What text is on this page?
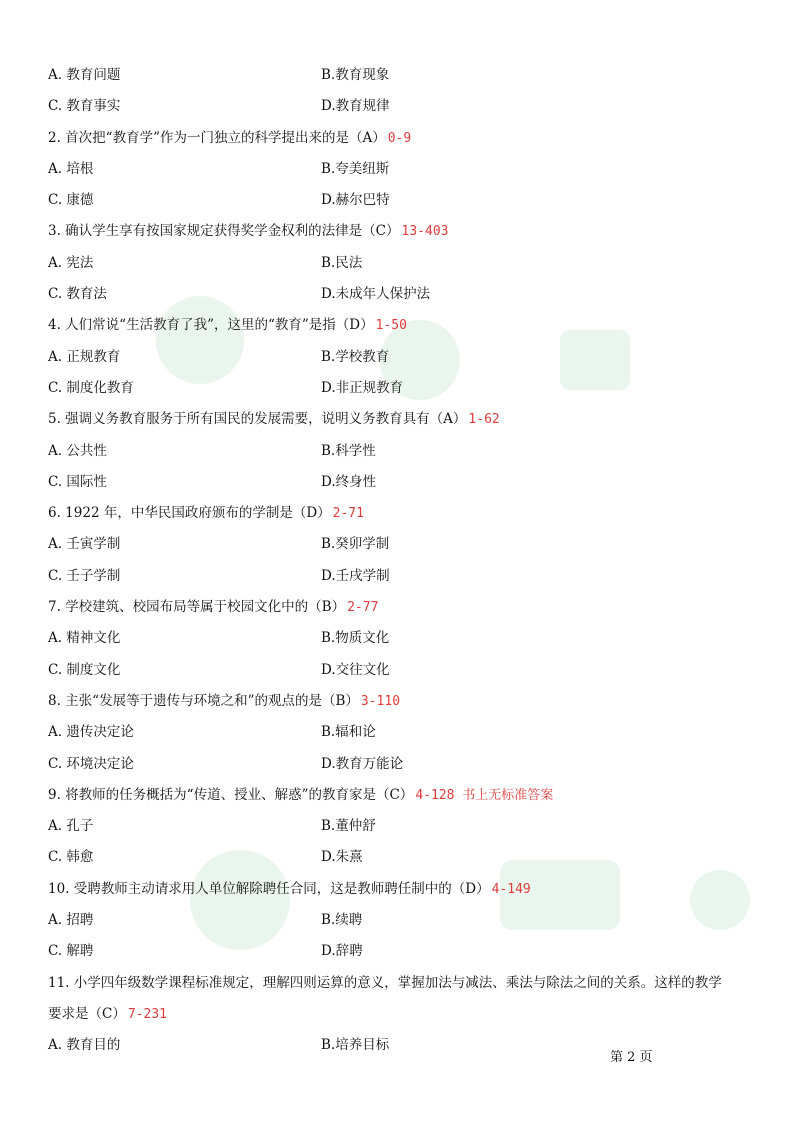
A. 教育问题	B.教育现象
C. 教育事实	D.教育规律
2. 首次把“教育学”作为一门独立的科学提出来的是（A） 0-9
A. 培根	B.夸美纽斯
C. 康德	D.赫尔巴特
3. 确认学生享有按国家规定获得奖学金权利的法律是（C） 13-403
A. 宪法	B.民法
C. 教育法	D.未成年人保护法
4. 人们常说“生活教育了我”，这里的“教育”是指（D） 1-50
A. 正规教育	B.学校教育
C. 制度化教育	D.非正规教育
5. 强调义务教育服务于所有国民的发展需要，说明义务教育具有（A） 1-62
A. 公共性	B.科学性
C. 国际性	D.终身性
6. 1922 年，中华民国政府颁布的学制是（D） 2-71
A. 壬寅学制	B.癸卯学制
C. 壬子学制	D.壬戌学制
7. 学校建筑、校园布局等属于校园文化中的（B） 2-77
A. 精神文化	B.物质文化
C. 制度文化	D.交往文化
8. 主张“发展等于遗传与环境之和”的观点的是（B） 3-110
A. 遗传决定论	B.辐和论
C. 环境决定论	D.教育万能论
9. 将教师的任务概括为“传道、授业、解惑”的教育家是（C） 4-128 书上无标准答案
A. 孔子	B.董仲舒
C. 韩愈	D.朱熹
10. 受聘教师主动请求用人单位解除聘任合同，这是教师聘任制中的（D） 4-149
A. 招聘	B.续聘
C. 解聘	D.辞聘
11. 小学四年级数学课程标准规定，理解四则运算的意义，掌握加法与减法、乘法与除法之间的关系。这样的教学
要求是（C） 7-231
A. 教育目的	B.培养目标
第 2 页
